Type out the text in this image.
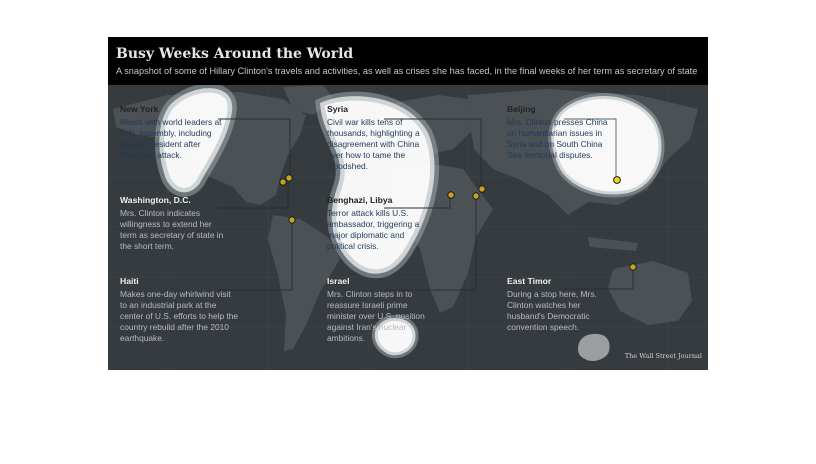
Busy Weeks Around the World
A snapshot of some of Hillary Clinton's travels and activities, as well as crises she has faced, in the final weeks of her term as secretary of state
New York
Meets with world leaders at U.N. assembly, including Libyan president after Benghazi attack.
Washington, D.C.
Mrs. Clinton indicates willingness to extend her term as secretary of state in the short term.
Haiti
Makes one-day whirlwind visit to an industrial park at the center of U.S. efforts to help the country rebuild after the 2010 earthquake.
Syria
Civil war kills tens of thousands, highlighting a disagreement with China over how to tame the bloodshed.
Benghazi, Libya
Terror attack kills U.S. ambassador, triggering a major diplomatic and political crisis.
Israel
Mrs. Clinton steps in to reassure Israeli prime minister over U.S. position against Iran's nuclear ambitions.
Beijing
Mrs. Clinton presses China on humanitarian issues in Syria and on South China Sea territorial disputes.
East Timor
During a stop here, Mrs. Clinton watches her husband's Democratic convention speech.
The Wall Street Journal
